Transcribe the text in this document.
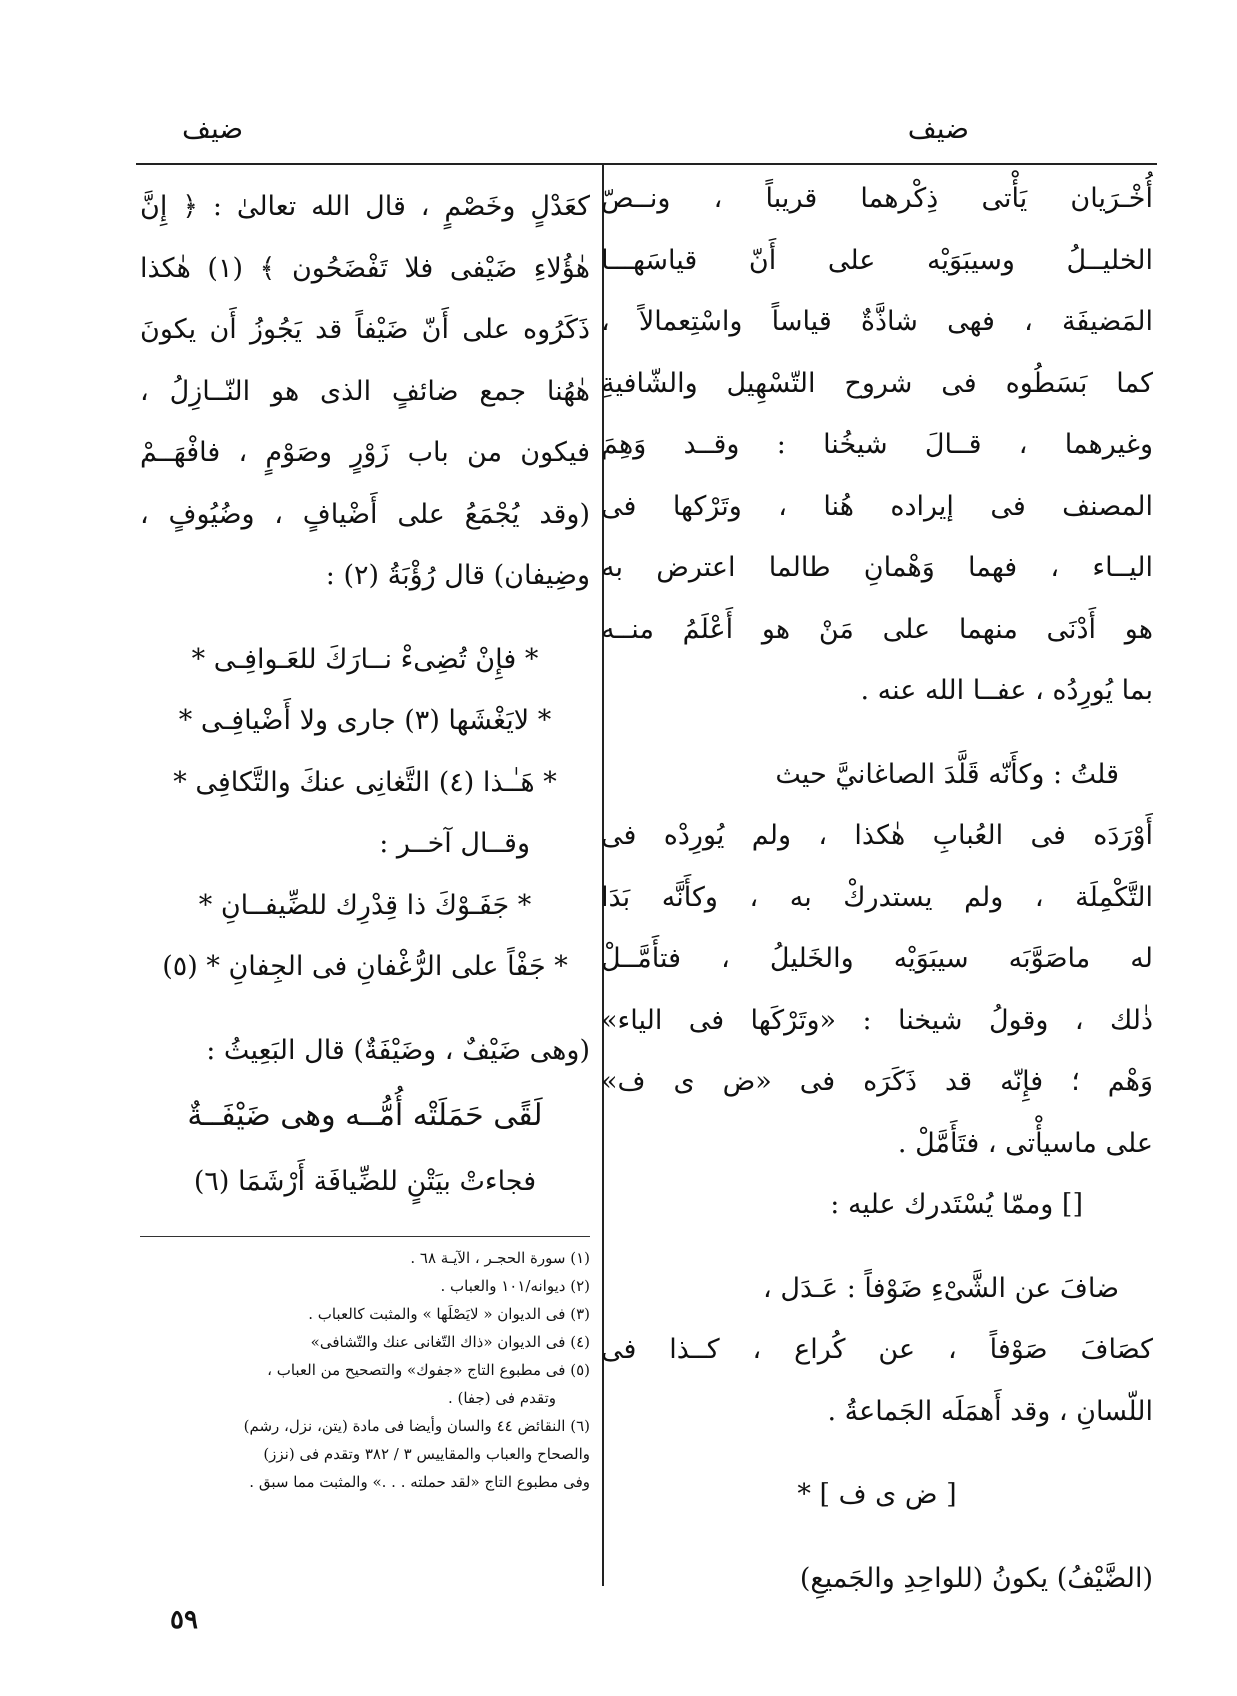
ضيف
ضيف

أُخْـرَيان يَأْتى ذِكْرهما قريباً ، ونــصّ

الخليــلُ وسيبَوَيْه على أَنّ قياسَهـــا

المَضيفَة ، فهى شاذَّةٌ قياساً واسْتِعمالاً ،

كما بَسَطُوه فى شروح التّسْهِيل والشّافيةِ

وغيرهما ، قــالَ شيخُنا : وقــد وَهِمَ

المصنف فى إيراده هُنا ، وتَرْكها فى

اليــاء ، فهما وَهْمانِ طالما اعترض به

هو أَدْنَى منهما على مَنْ هو أَعْلَمُ منــه

بما يُورِدُه ، عفــا الله عنه .

قلتُ : وكأَنّه قَلَّدَ الصاغانيَّ حيث

أَوْرَدَه فى العُبابِ هٰكذا ، ولم يُورِدْه فى

التَّكْمِلَة ، ولم يستدركْ به ، وكأَنَّه بَدَا

له ماصَوَّبَه سيبَوَيْه والخَليلُ ، فتأَمَّــلْ

ذٰلك ، وقولُ شيخنا : «وتَرْكَها فى الياء»

وَهْم ؛ فإِنّه قد ذَكَرَه فى «ض ى ف»

على ماسيأْتى ، فتَأَمَّلْ .

[] وممّا يُسْتَدرك عليه :

ضافَ عن الشَّىْءِ ضَوْفاً : عَـدَل ،

كصَافَ صَوْفاً ، عن كُراع ، كــذا فى

اللّسانِ ، وقد أَهمَلَه الجَماعةُ .

[ ض ى ف ] *

(الضَّيْفُ) يكونُ (للواحِدِ والجَميعِ)

كعَدْلٍ وخَصْمٍ ، قال الله تعالىٰ : ﴿ إِنَّ

هٰؤُلاءِ ضَيْفى فلا تَفْضَحُون ﴾ (١) هٰكذا

ذَكَرُوه على أَنّ ضَيْفاً قد يَجُوزُ أَن يكونَ

هٰهُنا جمع ضائفٍ الذى هو النّــازِلُ ،

فيكون من باب زَوْرٍ وصَوْمٍ ، فافْهَــمْ

(وقد يُجْمَعُ على أَضْيافٍ ، وضُيُوفٍ ،

وضِيفان) قال رُؤْبَةُ (٢) :

* فإِنْ تُضِىءْ نــارَكَ للعَـوافِـى *

* لايَغْشَها (٣) جارى ولا أَضْيافِـى *

* هَـٰـذا (٤) التَّغانِى عنكَ والتَّكافِى *

وقــال آخــر :

* جَفَـوْكَ ذا قِدْرِك للضِّيفــانِ *

* جَفْاً على الرُّغْفانِ فى الجِفانِ * (٥)

(وهى ضَيْفٌ ، وضَيْفَةٌ) قال البَعِيثُ :

لَقًى حَمَلَتْه أُمُّــه وهى ضَيْفَــةٌ

فجاءتْ بيَتْنٍ للضِّيافَة أَرْشَمَا (٦)

(١) سورة الحجـر ، الآيـة ٦٨ .

(٢) ديوانه/١٠١ والعباب .

(٣) فى الديوان « لايَصْلَها » والمثبت كالعباب .

(٤) فى الديوان «ذاك التّغانى عنك والتّشافى»

(٥) فى مطبوع التاج «جفوك» والتصحيح من العباب ،

وتقدم فى (جفا) .

(٦) النقائض ٤٤ والسان وأيضا فى مادة (يتن، نزل، رشم)

والصحاح والعباب والمقاييس ٣ / ٣٨٢ وتقدم فى (نزز)

وفى مطبوع التاج «لقد حملته . . .» والمثبت مما سبق .

٥٩
